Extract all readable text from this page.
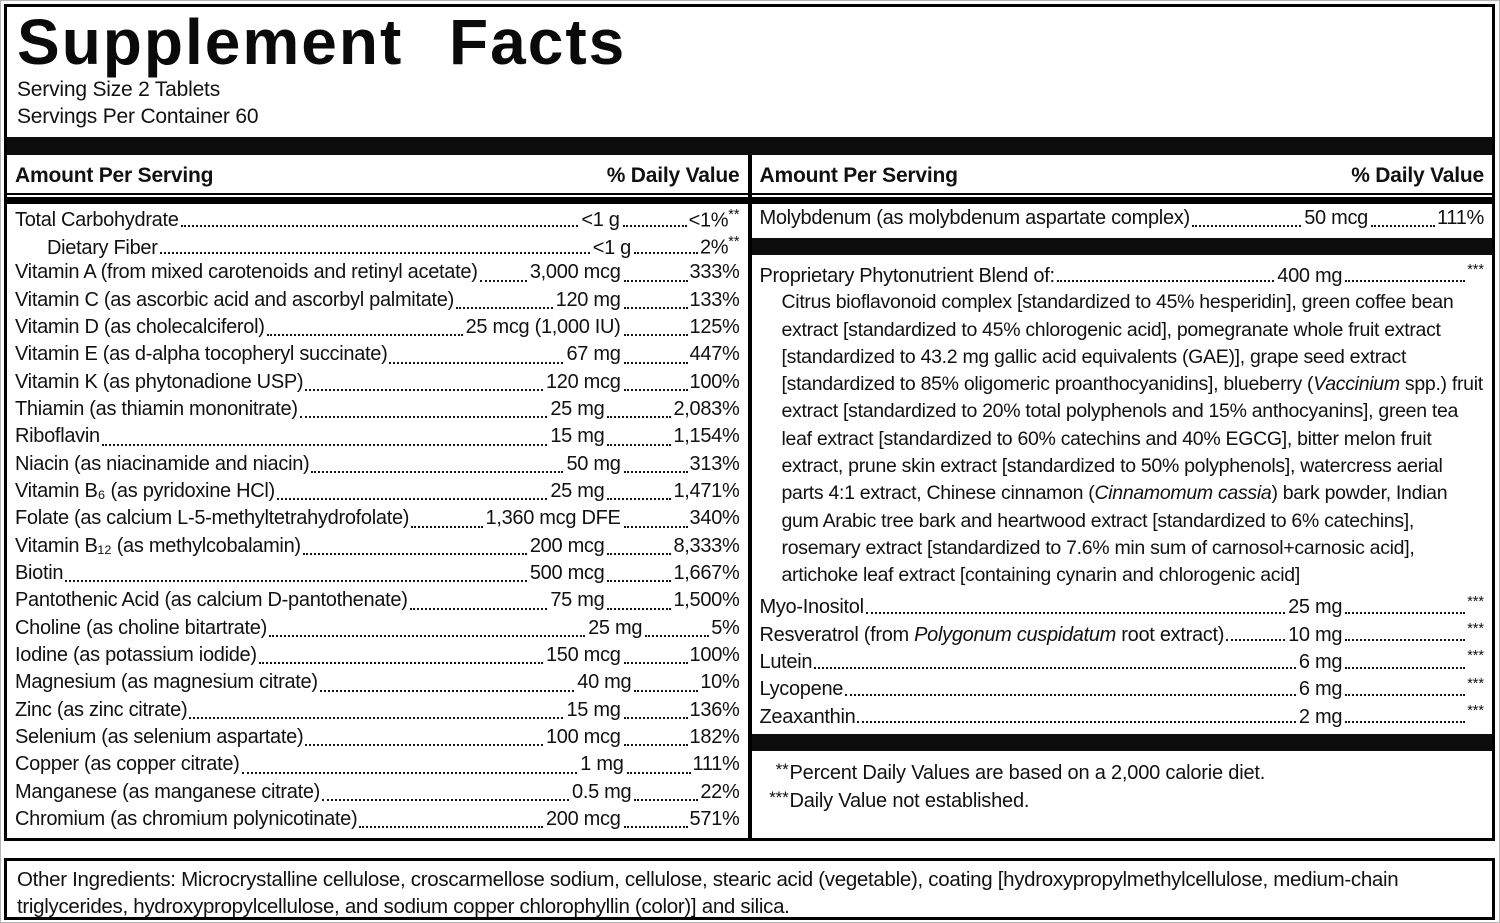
Supplement Facts
Serving Size 2 Tablets
Servings Per Container 60
Amount Per Serving	% Daily Value
Total Carbohydrate	<1 g	<1%**
Dietary Fiber	<1 g	2%**
Vitamin A (from mixed carotenoids and retinyl acetate)	3,000 mcg	333%
Vitamin C (as ascorbic acid and ascorbyl palmitate)	120 mg	133%
Vitamin D (as cholecalciferol)	25 mcg (1,000 IU)	125%
Vitamin E (as d-alpha tocopheryl succinate)	67 mg	447%
Vitamin K (as phytonadione USP)	120 mcg	100%
Thiamin (as thiamin mononitrate)	25 mg	2,083%
Riboflavin	15 mg	1,154%
Niacin (as niacinamide and niacin)	50 mg	313%
Vitamin B₆ (as pyridoxine HCl)	25 mg	1,471%
Folate (as calcium L-5-methyltetrahydrofolate)	1,360 mcg DFE	340%
Vitamin B₁₂ (as methylcobalamin)	200 mcg	8,333%
Biotin	500 mcg	1,667%
Pantothenic Acid (as calcium D-pantothenate)	75 mg	1,500%
Choline (as choline bitartrate)	25 mg	5%
Iodine (as potassium iodide)	150 mcg	100%
Magnesium (as magnesium citrate)	40 mg	10%
Zinc (as zinc citrate)	15 mg	136%
Selenium (as selenium aspartate)	100 mcg	182%
Copper (as copper citrate)	1 mg	111%
Manganese (as manganese citrate)	0.5 mg	22%
Chromium (as chromium polynicotinate)	200 mcg	571%
Amount Per Serving	% Daily Value
Molybdenum (as molybdenum aspartate complex)	50 mcg	111%
Proprietary Phytonutrient Blend of:	400 mg	***
Citrus bioflavonoid complex [standardized to 45% hesperidin], green coffee bean extract [standardized to 45% chlorogenic acid], pomegranate whole fruit extract [standardized to 43.2 mg gallic acid equivalents (GAE)], grape seed extract [standardized to 85% oligomeric proanthocyanidins], blueberry (Vaccinium spp.) fruit extract [standardized to 20% total polyphenols and 15% anthocyanins], green tea leaf extract [standardized to 60% catechins and 40% EGCG], bitter melon fruit extract, prune skin extract [standardized to 50% polyphenols], watercress aerial parts 4:1 extract, Chinese cinnamon (Cinnamomum cassia) bark powder, Indian gum Arabic tree bark and heartwood extract [standardized to 6% catechins], rosemary extract [standardized to 7.6% min sum of carnosol+carnosic acid], artichoke leaf extract [containing cynarin and chlorogenic acid]
Myo-Inositol	25 mg	***
Resveratrol (from Polygonum cuspidatum root extract)	10 mg	***
Lutein	6 mg	***
Lycopene	6 mg	***
Zeaxanthin	2 mg	***
** Percent Daily Values are based on a 2,000 calorie diet.
*** Daily Value not established.
Other Ingredients: Microcrystalline cellulose, croscarmellose sodium, cellulose, stearic acid (vegetable), coating [hydroxypropylmethylcellulose, medium-chain triglycerides, hydroxypropylcellulose, and sodium copper chlorophyllin (color)] and silica.
